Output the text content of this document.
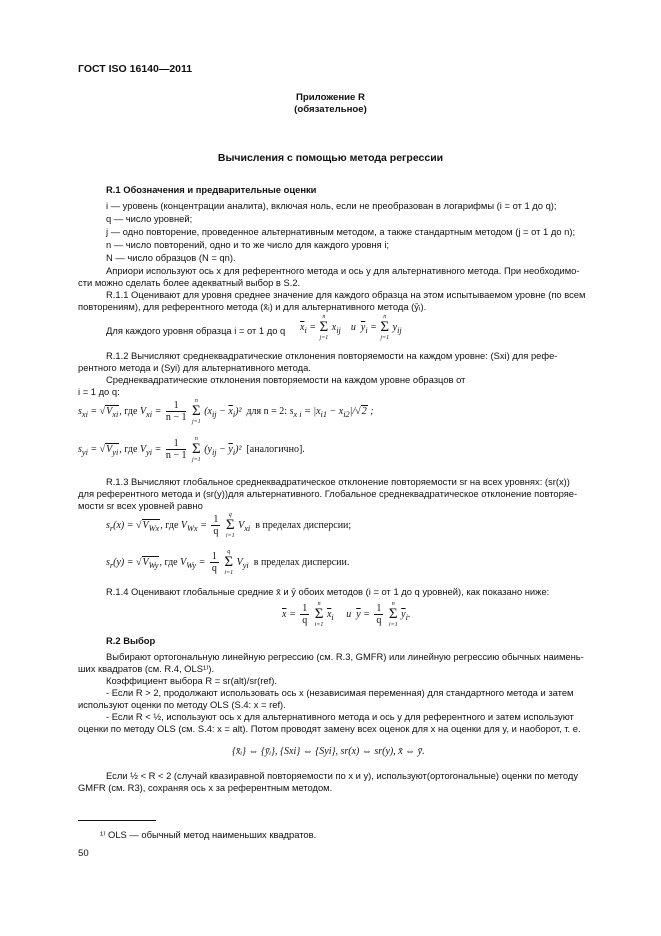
ГОСТ ISO 16140—2011
Приложение R
(обязательное)
Вычисления с помощью метода регрессии
R.1 Обозначения и предварительные оценки
i — уровень (концентрации аналита), включая ноль, если не преобразован в логарифмы (i = от 1 до q);
q — число уровней;
j — одно повторение, проведенное альтернативным методом, а также стандартным методом (j = от 1 до n);
n — число повторений, одно и то же число для каждого уровня i;
N — число образцов (N = qn).
Априори используют ось x для референтного метода и ось y для альтернативного метода. При необходимо-
сти можно сделать более адекватный выбор в S.2.
R.1.1 Оценивают для уровня среднее значение для каждого образца на этом испытываемом уровне (по всем
повторениям), для референтного метода (x̄ᵢ) и для альтернативного метода (ȳᵢ).
Для каждого уровня образца i = от 1 до q $\overline{x}_i$ =
n
Σ
j=1
$x_{ij}$    и  $\overline{y}_i$ =
n
Σ
j=1
$y_{ij}$
R.1.2 Вычисляют среднеквадратические отклонения повторяемости на каждом уровне: (Sxi) для рефе-
рентного метода и (Syi) для альтернативного метода.
Среднеквадратические отклонения повторяемости на каждом уровне образцов от
i = 1 до q:
$s_{xi} = √V_{xi}$, где $V_{xi} = \frac{1}{n - 1}$
	n
Σ
j=1
$(x_{ij} - \overline{x}_i)^2$  для n = 2: $s_{x i} = |x_{i1} - x_{i2}|/√2$ ;
$s_{yi} = √V_{yi}$, где $V_{yi} = \frac{1}{n - 1}$
	n
Σ
j=1
$(y_{ij} - \overline{y}_i)^2$  [аналогично].
R.1.3 Вычисляют глобальное среднеквадратическое отклонение повторяемости sr на всех уровнях: (sr(x))
для референтного метода и (sr(y))для альтернативного. Глобальное среднеквадратическое отклонение повторяе-
мости sr всех уровней равно
$s_r(x) = √V_{Wx}$, где $V_{Wx} = \frac{1}{q}$
	q
Σ
i=1
$V_{xi}$ в пределах дисперсии;
$s_r(y) = √V_{Wy}$, где $V_{Wy} = \frac{1}{q}$
	q
Σ
i=1
$V_{yi}$ в пределах дисперсии.
R.1.4 Оценивают глобальные средние x̄ и ȳ обоих методов (i = от 1 до q уровней), как показано ниже:
$\overline{x} = \frac{1}{q}$
	n
Σ
i=1
$\overline{x}_i$     и  $\overline{y} = \frac{1}{q}$
	n
Σ
i=1
$\overline{y}_i$.
R.2 Выбор
Выбирают ортогональную линейную регрессию (см. R.3, GMFR) или линейную регрессию обычных наимень-
ших квадратов (см. R.4, OLS¹⁾).
Коэффициент выбора R = sr(alt)/sr(ref).
- Если R > 2, продолжают использовать ось x (независимая переменная) для стандартного метода и затем
используют оценки по методу OLS (S.4: x = ref).
- Если R < ½, используют ось x для альтернативного метода и ось y для референтного и затем используют
оценки по методу OLS (см. S.4: x = alt). Потом проводят замену всех оценок для x на оценки для y, и наоборот, т. е.
{x̄ᵢ} ⇔ {ȳᵢ}, {Sxi} ⇔ {Syi}, sr(x) ⇔ sr(y), x̄ ⇔ ȳ.
Если ½ < R < 2 (случай квазиравной повторяемости по x и y), используют(ортогональные) оценки по методу
GMFR (см. R3), сохраняя ось x за референтным методом.
¹⁾ OLS — обычный метод наименьших квадратов.
50
